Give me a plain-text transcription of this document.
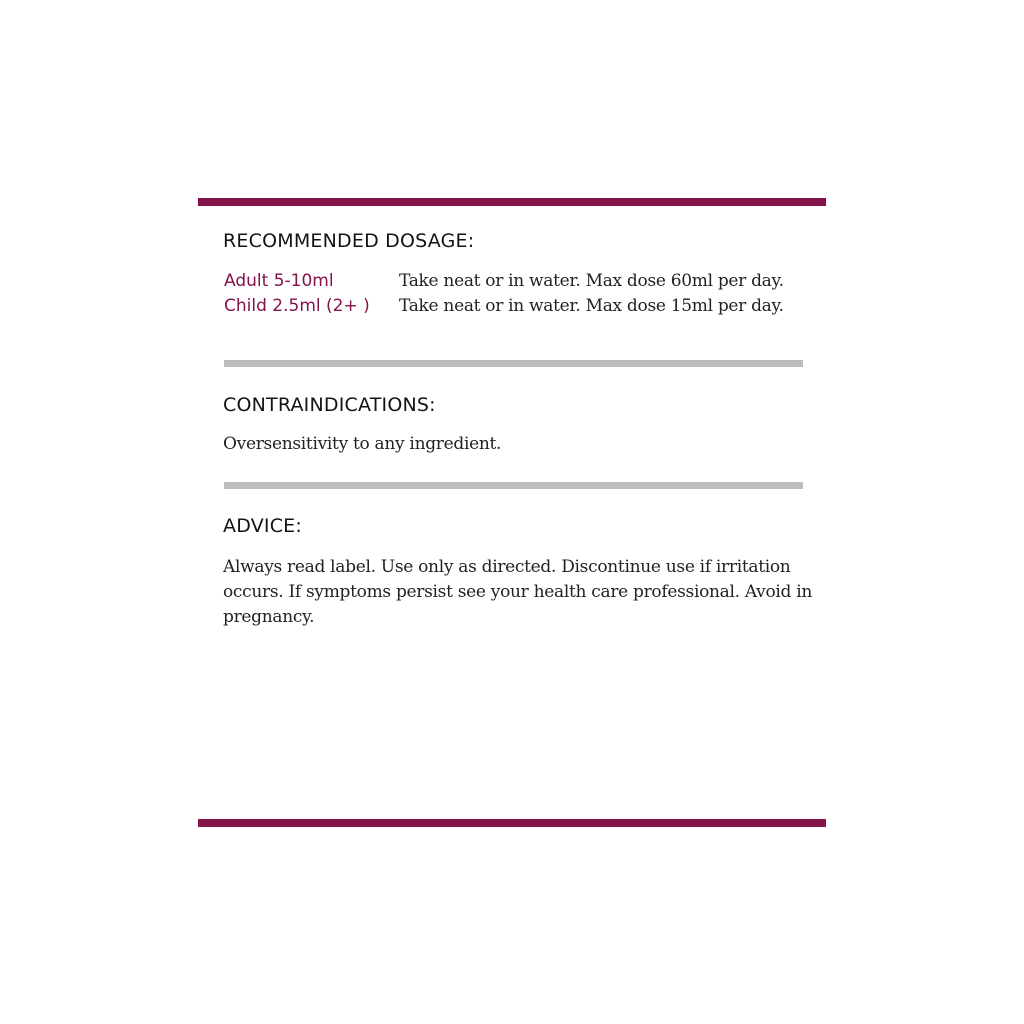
RECOMMENDED DOSAGE:
Adult 5-10ml	Take neat or in water. Max dose 60ml per day.
Child 2.5ml (2+ ) Take neat or in water. Max dose 15ml per day.
CONTRAINDICATIONS:

Oversensitivity to any ingredient.

ADVICE:

Always read label. Use only as directed. Discontinue use if irritation occurs. If symptoms persist see your health care professional. Avoid in pregnancy.
